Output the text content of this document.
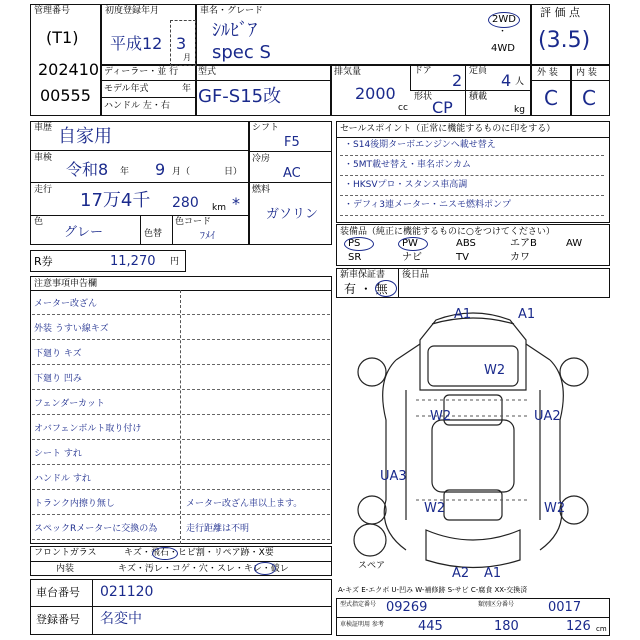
管理番号
(T1)
202410
00555
初度登録年月
平成12 3
月
ディーラー・並 行
モデル年式	年
ハンドル 左・右
車名・グレード
ｼﾙﾋﾞｱ
spec S
2WD
・
4WD
型式
GF-S15改
排気量
2000
cc
ドア 2 定員 4 人
形状
CP
積載
kg
評 価 点
(3.5)
外 装 内 装
C C
車歴 自家用
車検
令和8 年 9 月（	日）
走行 17万4千 280 km *
色
グレー	色替
色コード
ﾌﾒｲ
シフト
F5
冷房
AC
燃料
ガソリン
R券	11,270 円
セールスポイント（正常に機能するものに印をする）
・S14後期ターボエンジンへ載せ替え
・5MT載せ替え・車名ボンカム
・HKSVプロ・スタンス車高調
・デフィ3連メーター・ニスモ燃料ポンプ
装備品（純正に機能するものに○をつけてください）
PS	PW	ABS	エアB	AW
SR	ナビ	TV	カワ
新車保証書
有 ・ 無
後日品
注意事項申告欄
メーター改ざん
外装 うすい線キズ
下廻り キズ
下廻り 凹み
フェンダーカット
オバフェンボルト取り付け
シート すれ
ハンドル すれ
トランク内擦り無し	メーター改ざん車以上ます。
スペックRメーターに交換の為	走行距離は不明
フロントガラス	キズ・飛石・ヒビ割・リペア跡・X要
内装	キズ・汚レ・コゲ・穴・スレ・キレ・破レ
車台番号 021120
登録番号 名変中
A1	A1
W2
W2	UA2
UA3
W2	W2
A2 A1
スペア
A-キズ E-エクボ U-凹み W-補修跡 S-サビ C-腐食 XX-交換済
型式指定番号 09269	類別区分番号	0017
車検証明用 参考	445	180	126 cm
